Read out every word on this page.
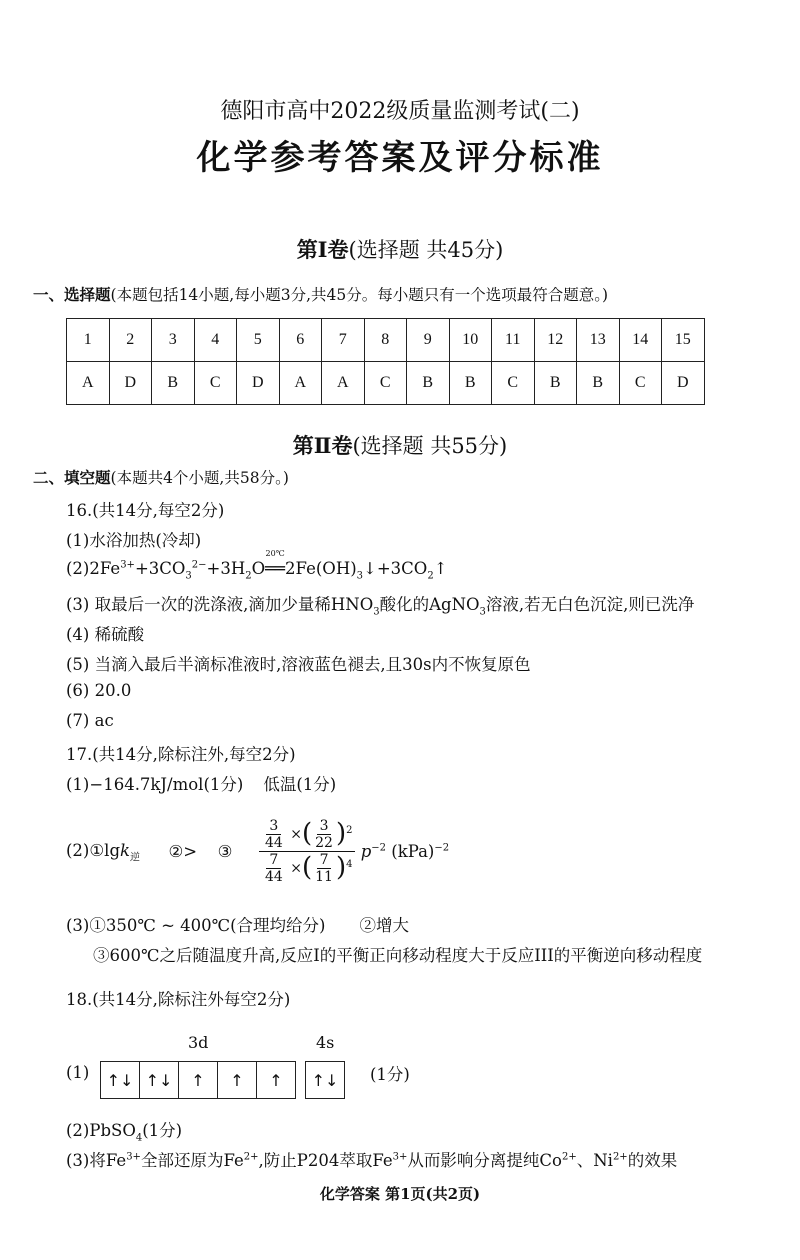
德阳市高中2022级质量监测考试(二)
化学参考答案及评分标准
第Ⅰ卷(选择题 共45分)
一、选择题(本题包括14小题,每小题3分,共45分。每小题只有一个选项最符合题意。)
1	2	3	4	5	6	7	8	9	10	11	12	13	14	15
A	D	B	C	D	A	A	C	B	B	C	B	B	C	D
第Ⅱ卷(选择题 共55分)
二、填空题(本题共4个小题,共58分。)
16.(共14分,每空2分)
(1)水浴加热(冷却)
$(2)2Fe^{3+}+3CO_3^{2-}+3H_2O$
20℃
$══2Fe(OH)_3↓+3CO_2↑$
(3) 取最后一次的洗涤液,滴加少量稀$HNO_3$酸化的AgNO$_3$溶液,若无白色沉淀,则已洗净
(4) 稀硫酸
(5) 当滴入最后半滴标准液时,溶液蓝色褪去,且30s内不恢复原色
(6) 20.0
(7) ac
17.(共14分,除标注外,每空2分)
(1)−164.7kJ/mol(1分) 低温(1分)
(2)①lgk$_逆$ ②> ③ $\frac{\frac{3}{44} \times( \frac{3}{22} )^2}{\frac{7}{44} \times( \frac{7}{11} )^4} p^{-2}$ (kPa)$^{-2}$
(3)①350℃ ~ 400℃(合理均给分) ②增大
③600℃之后随温度升高,反应I的平衡正向移动程度大于反应III的平衡逆向移动程度
18.(共14分,除标注外每空2分)
3d	4s
(1)	↑↓ ↑↓	↑	↑	↑	↑↓	(1分)
(2)PbSO$_4$(1分)
(3)将$Fe^{3+}$全部还原为$Fe^{2+}$,防止P204萃取$Fe^{3+}$从而影响分离提纯$Co^{2+}$、$Ni^{2+}$的效果
化学答案 第1页(共2页)
